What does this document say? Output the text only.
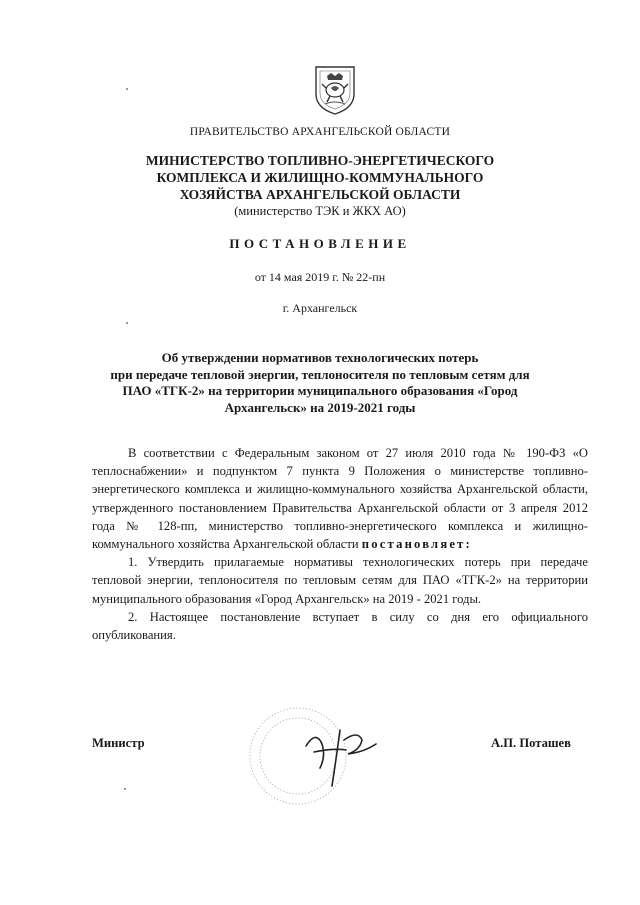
ПРАВИТЕЛЬСТВО АРХАНГЕЛЬСКОЙ ОБЛАСТИ
МИНИСТЕРСТВО ТОПЛИВНО-ЭНЕРГЕТИЧЕСКОГО
КОМПЛЕКСА И ЖИЛИЩНО-КОММУНАЛЬНОГО
ХОЗЯЙСТВА АРХАНГЕЛЬСКОЙ ОБЛАСТИ
(министерство ТЭК и ЖКХ АО)
ПОСТАНОВЛЕНИЕ
от 14 мая 2019 г. № 22-пн
г. Архангельск
Об утверждении нормативов технологических потерь
при передаче тепловой энергии, теплоносителя по тепловым сетям для
ПАО «ТГК-2» на территории муниципального образования «Город
Архангельск» на 2019-2021 годы

В соответствии с Федеральным законом от 27 июля 2010 года № 190-ФЗ «О теплоснабжении» и подпунктом 7 пункта 9 Положения о министерстве топливно-энергетического комплекса и жилищно-коммунального хозяйства Архангельской области, утвержденного постановлением Правительства Архангельской области от 3 апреля 2012 года № 128-пп, министерство топливно-энергетического комплекса и жилищно-коммунального хозяйства Архангельской области постановляет:

1. Утвердить прилагаемые нормативы технологических потерь при передаче тепловой энергии, теплоносителя по тепловым сетям для ПАО «ТГК-2» на территории муниципального образования «Город Архангельск» на 2019 - 2021 годы.

2. Настоящее постановление вступает в силу со дня его официального опубликования.

Министр	А.П. Поташев
